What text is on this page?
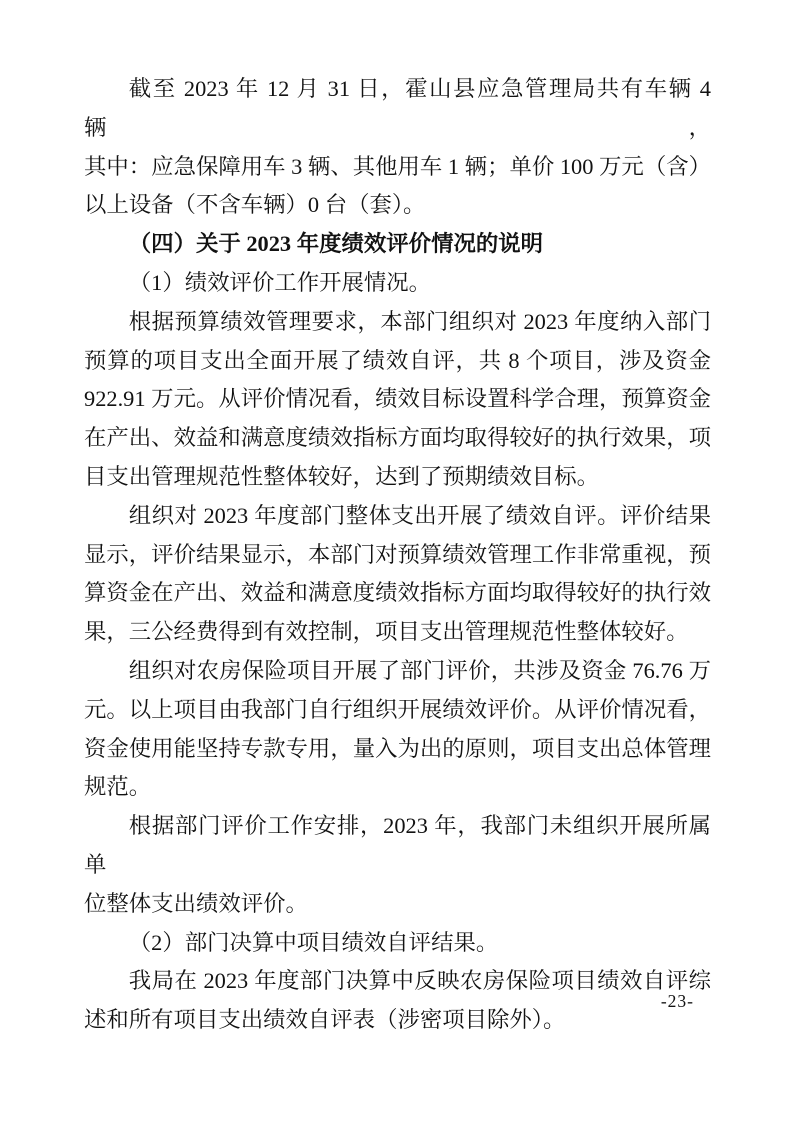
截至 2023 年 12 月 31 日，霍山县应急管理局共有车辆 4 辆，
其中：应急保障用车 3 辆、其他用车 1 辆；单价 100 万元（含）
以上设备（不含车辆）0 台（套）。
（四）关于 2023 年度绩效评价情况的说明
（1）绩效评价工作开展情况。
根据预算绩效管理要求，本部门组织对 2023 年度纳入部门
预算的项目支出全面开展了绩效自评，共 8 个项目，涉及资金
922.91 万元。从评价情况看，绩效目标设置科学合理，预算资金
在产出、效益和满意度绩效指标方面均取得较好的执行效果，项
目支出管理规范性整体较好，达到了预期绩效目标。
组织对 2023 年度部门整体支出开展了绩效自评。评价结果
显示，评价结果显示，本部门对预算绩效管理工作非常重视，预
算资金在产出、效益和满意度绩效指标方面均取得较好的执行效
果，三公经费得到有效控制，项目支出管理规范性整体较好。
组织对农房保险项目开展了部门评价，共涉及资金 76.76 万
元。以上项目由我部门自行组织开展绩效评价。从评价情况看，
资金使用能坚持专款专用，量入为出的原则，项目支出总体管理
规范。
根据部门评价工作安排，2023 年，我部门未组织开展所属单
位整体支出绩效评价。
（2）部门决算中项目绩效自评结果。
我局在 2023 年度部门决算中反映农房保险项目绩效自评综
述和所有项目支出绩效自评表（涉密项目除外）。
-23-
